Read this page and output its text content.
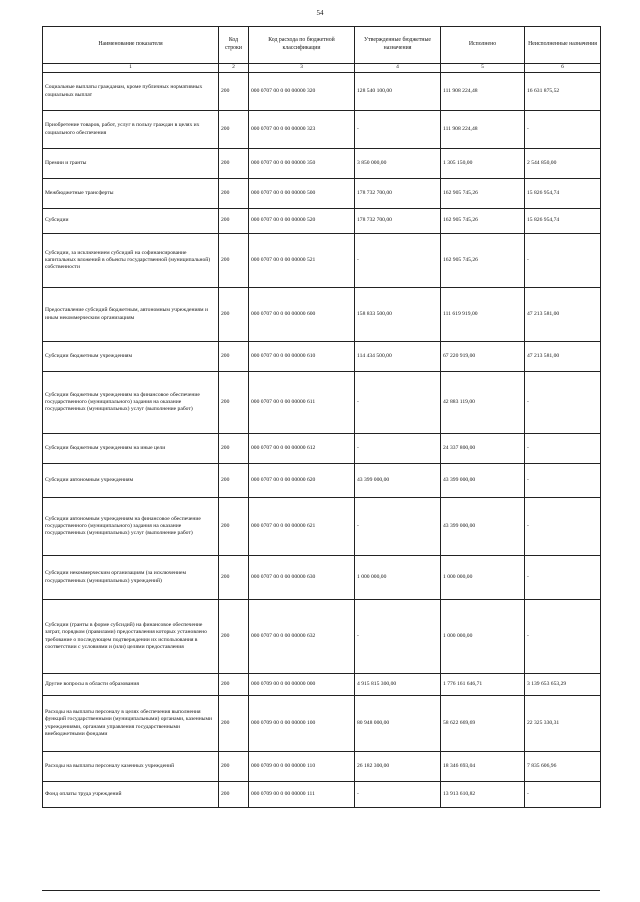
54
Наименование показателя	Код строки	Код расхода по бюджетной классификации	Утвержденные бюджетные назначения	Исполнено	Неисполненные назначения
1	2	3	4	5	6
Социальные выплаты гражданам, кроме публичных нормативных социальных выплат	200	000 0707 00 0 00 00000 320	128 540 100,00	111 908 224,48	16 631 875,52
Приобретение товаров, работ, услуг в пользу граждан в целях их социального обеспечения	200	000 0707 00 0 00 00000 323	-	111 908 224,48	-
Премии и гранты	200	000 0707 00 0 00 00000 350	3 850 000,00	1 305 150,00	2 544 850,00
Межбюджетные трансферты	200	000 0707 00 0 00 00000 500	178 732 700,00	162 905 745,26	15 826 954,74
Субсидии	200	000 0707 00 0 00 00000 520	178 732 700,00	162 905 745,26	15 826 954,74
Субсидии, за исключением субсидий на софинансирование капитальных вложений в объекты государственной (муниципальной) собственности	200	000 0707 00 0 00 00000 521	-	162 905 745,26	-
Предоставление субсидий бюджетным, автономным учреждениям и иным некоммерческим организациям	200	000 0707 00 0 00 00000 600	158 833 500,00	111 619 919,00	47 213 581,00
Субсидии бюджетным учреждениям	200	000 0707 00 0 00 00000 610	114 434 500,00	67 220 919,00	47 213 581,00
Субсидии бюджетным учреждениям на финансовое обеспечение государственного (муниципального) задания на оказание государственных (муниципальных) услуг (выполнение работ)	200	000 0707 00 0 00 00000 611	-	42 883 119,00	-
Субсидии бюджетным учреждениям на иные цели	200	000 0707 00 0 00 00000 612	-	24 337 800,00	-
Субсидии автономным учреждениям	200	000 0707 00 0 00 00000 620	43 399 000,00	43 399 000,00	-
Субсидии автономным учреждениям на финансовое обеспечение государственного (муниципального) задания на оказание государственных (муниципальных) услуг (выполнение работ)	200	000 0707 00 0 00 00000 621	-	43 399 000,00	-
Субсидии некоммерческим организациям (за исключением государственных (муниципальных) учреждений)	200	000 0707 00 0 00 00000 630	1 000 000,00	1 000 000,00	-
Субсидии (гранты в форме субсидий) на финансовое обеспечение затрат, порядком (правилами) предоставления которых установлено требование о последующем подтверждении их использования в соответствии с условиями и (или) целями предоставления	200	000 0707 00 0 00 00000 632	-	1 000 000,00	-
Другие вопросы в области образования	200	000 0709 00 0 00 00000 000	4 915 815 300,00	1 776 161 646,71	3 139 653 653,29
Расходы на выплаты персоналу в целях обеспечения выполнения функций государственными (муниципальными) органами, казенными учреждениями, органами управления государственными внебюджетными фондами	200	000 0709 00 0 00 00000 100	80 948 000,00	58 622 669,69	22 325 330,31
Расходы на выплаты персоналу казенных учреждений	200	000 0709 00 0 00 00000 110	26 182 300,00	18 346 693,04	7 835 606,96
Фонд оплаты труда учреждений	200	000 0709 00 0 00 00000 111	-	13 913 610,82	-
